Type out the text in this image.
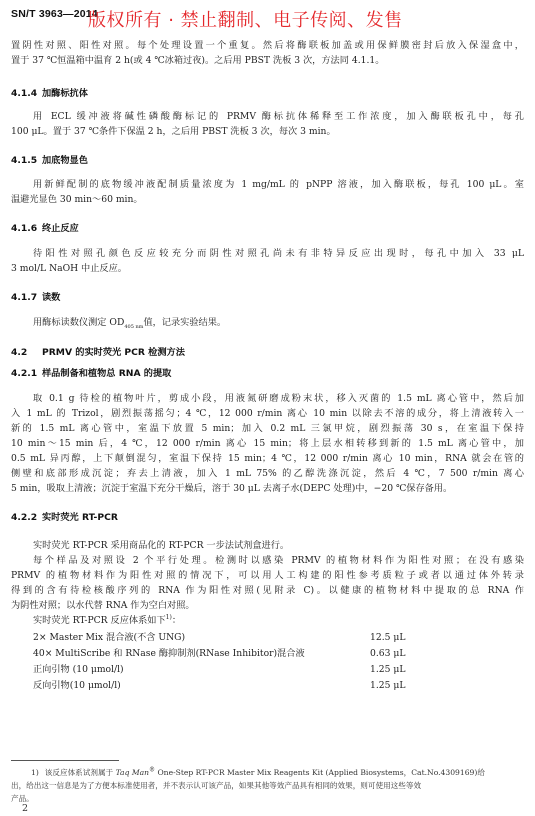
SN/T 3963—2014
版权所有 · 禁止翻制、电子传阅、发售
置阴性对照、阳性对照。每个处理设置一个重复。然后将酶联板加盖或用保鲜膜密封后放入保湿盒中，
置于 37 ℃恒温箱中温育 2 h(或 4 ℃冰箱过夜)。之后用 PBST 洗板 3 次，方法同 4.1.1。
4.1.4 加酶标抗体
用 ECL 缓冲液将碱性磷酸酶标记的 PRMV 酶标抗体稀释至工作浓度，加入酶联板孔中，每孔
100 μL。置于 37 ℃条件下保温 2 h，之后用 PBST 洗板 3 次，每次 3 min。
4.1.5 加底物显色
用新鲜配制的底物缓冲液配制质量浓度为 1 mg/mL 的 pNPP 溶液，加入酶联板，每孔 100 μL。室
温避光显色 30 min～60 min。
4.1.6 终止反应
待阳性对照孔颜色反应较充分而阴性对照孔尚未有非特异反应出现时，每孔中加入 33 μL
3 mol/L NaOH 中止反应。
4.1.7 读数
用酶标读数仪测定 $OD_{405 nm}$值，记录实验结果。
4.2 PRMV 的实时荧光 PCR 检测方法
4.2.1 样品制备和植物总 RNA 的提取
取 0.1 g 待检的植物叶片，剪成小段，用液氮研磨成粉末状，移入灭菌的 1.5 mL 离心管中，然后加
入 1 mL 的 Trizol，剧烈振荡摇匀；4 ℃，12 000 r/min 离心 10 min 以除去不溶的成分，将上清液转入一
新的 1.5 mL 离心管中，室温下放置 5 min；加入 0.2 mL 三氯甲烷，剧烈振荡 30 s，在室温下保持
10 min～15 min 后，4 ℃，12 000 r/min 离心 15 min；将上层水相转移到新的 1.5 mL 离心管中，加
0.5 mL 异丙醇，上下颠倒混匀，室温下保持 15 min；4 ℃，12 000 r/min 离心 10 min，RNA 就会在管的
侧壁和底部形成沉淀；弃去上清液，加入 1 mL 75% 的乙醇洗涤沉淀，然后 4 ℃，7 500 r/min 离心
5 min，吸取上清液；沉淀于室温下充分干燥后，溶于 30 μL 去离子水(DEPC 处理)中，−20 ℃保存备用。
4.2.2 实时荧光 RT-PCR
实时荧光 RT-PCR 采用商品化的 RT-PCR 一步法试剂盒进行。
每个样品及对照设 2 个平行处理。检测时以感染 PRMV 的植物材料作为阳性对照；在没有感染
PRMV 的植物材料作为阳性对照的情况下，可以用人工构建的阳性参考质粒子或者以通过体外转录
得到的含有待检核酸序列的 RNA 作为阳性对照(见附录 C)。以健康的植物材料中提取的总 RNA 作
为阴性对照；以水代替 RNA 作为空白对照。
实时荧光 RT-PCR 反应体系如下$^{1)}$：
2× Master Mix 混合液(不含 UNG)	12.5 μL
40× MultiScribe 和 RNase 酶抑制剂(RNase Inhibitor)混合液	0.63 μL
正向引物 (10 μmol/l)	1.25 μL
反向引物(10 μmol/l)	1.25 μL
1) 该反应体系试剂属于 Taq Man® One-Step RT-PCR Master Mix Reagents Kit (Applied Biosystems，Cat.No.4309169)给
出，给出这一信息是为了方便本标准使用者，并不表示认可该产品，如果其他等效产品具有相同的效果，则可使用这些等效
产品。
2
